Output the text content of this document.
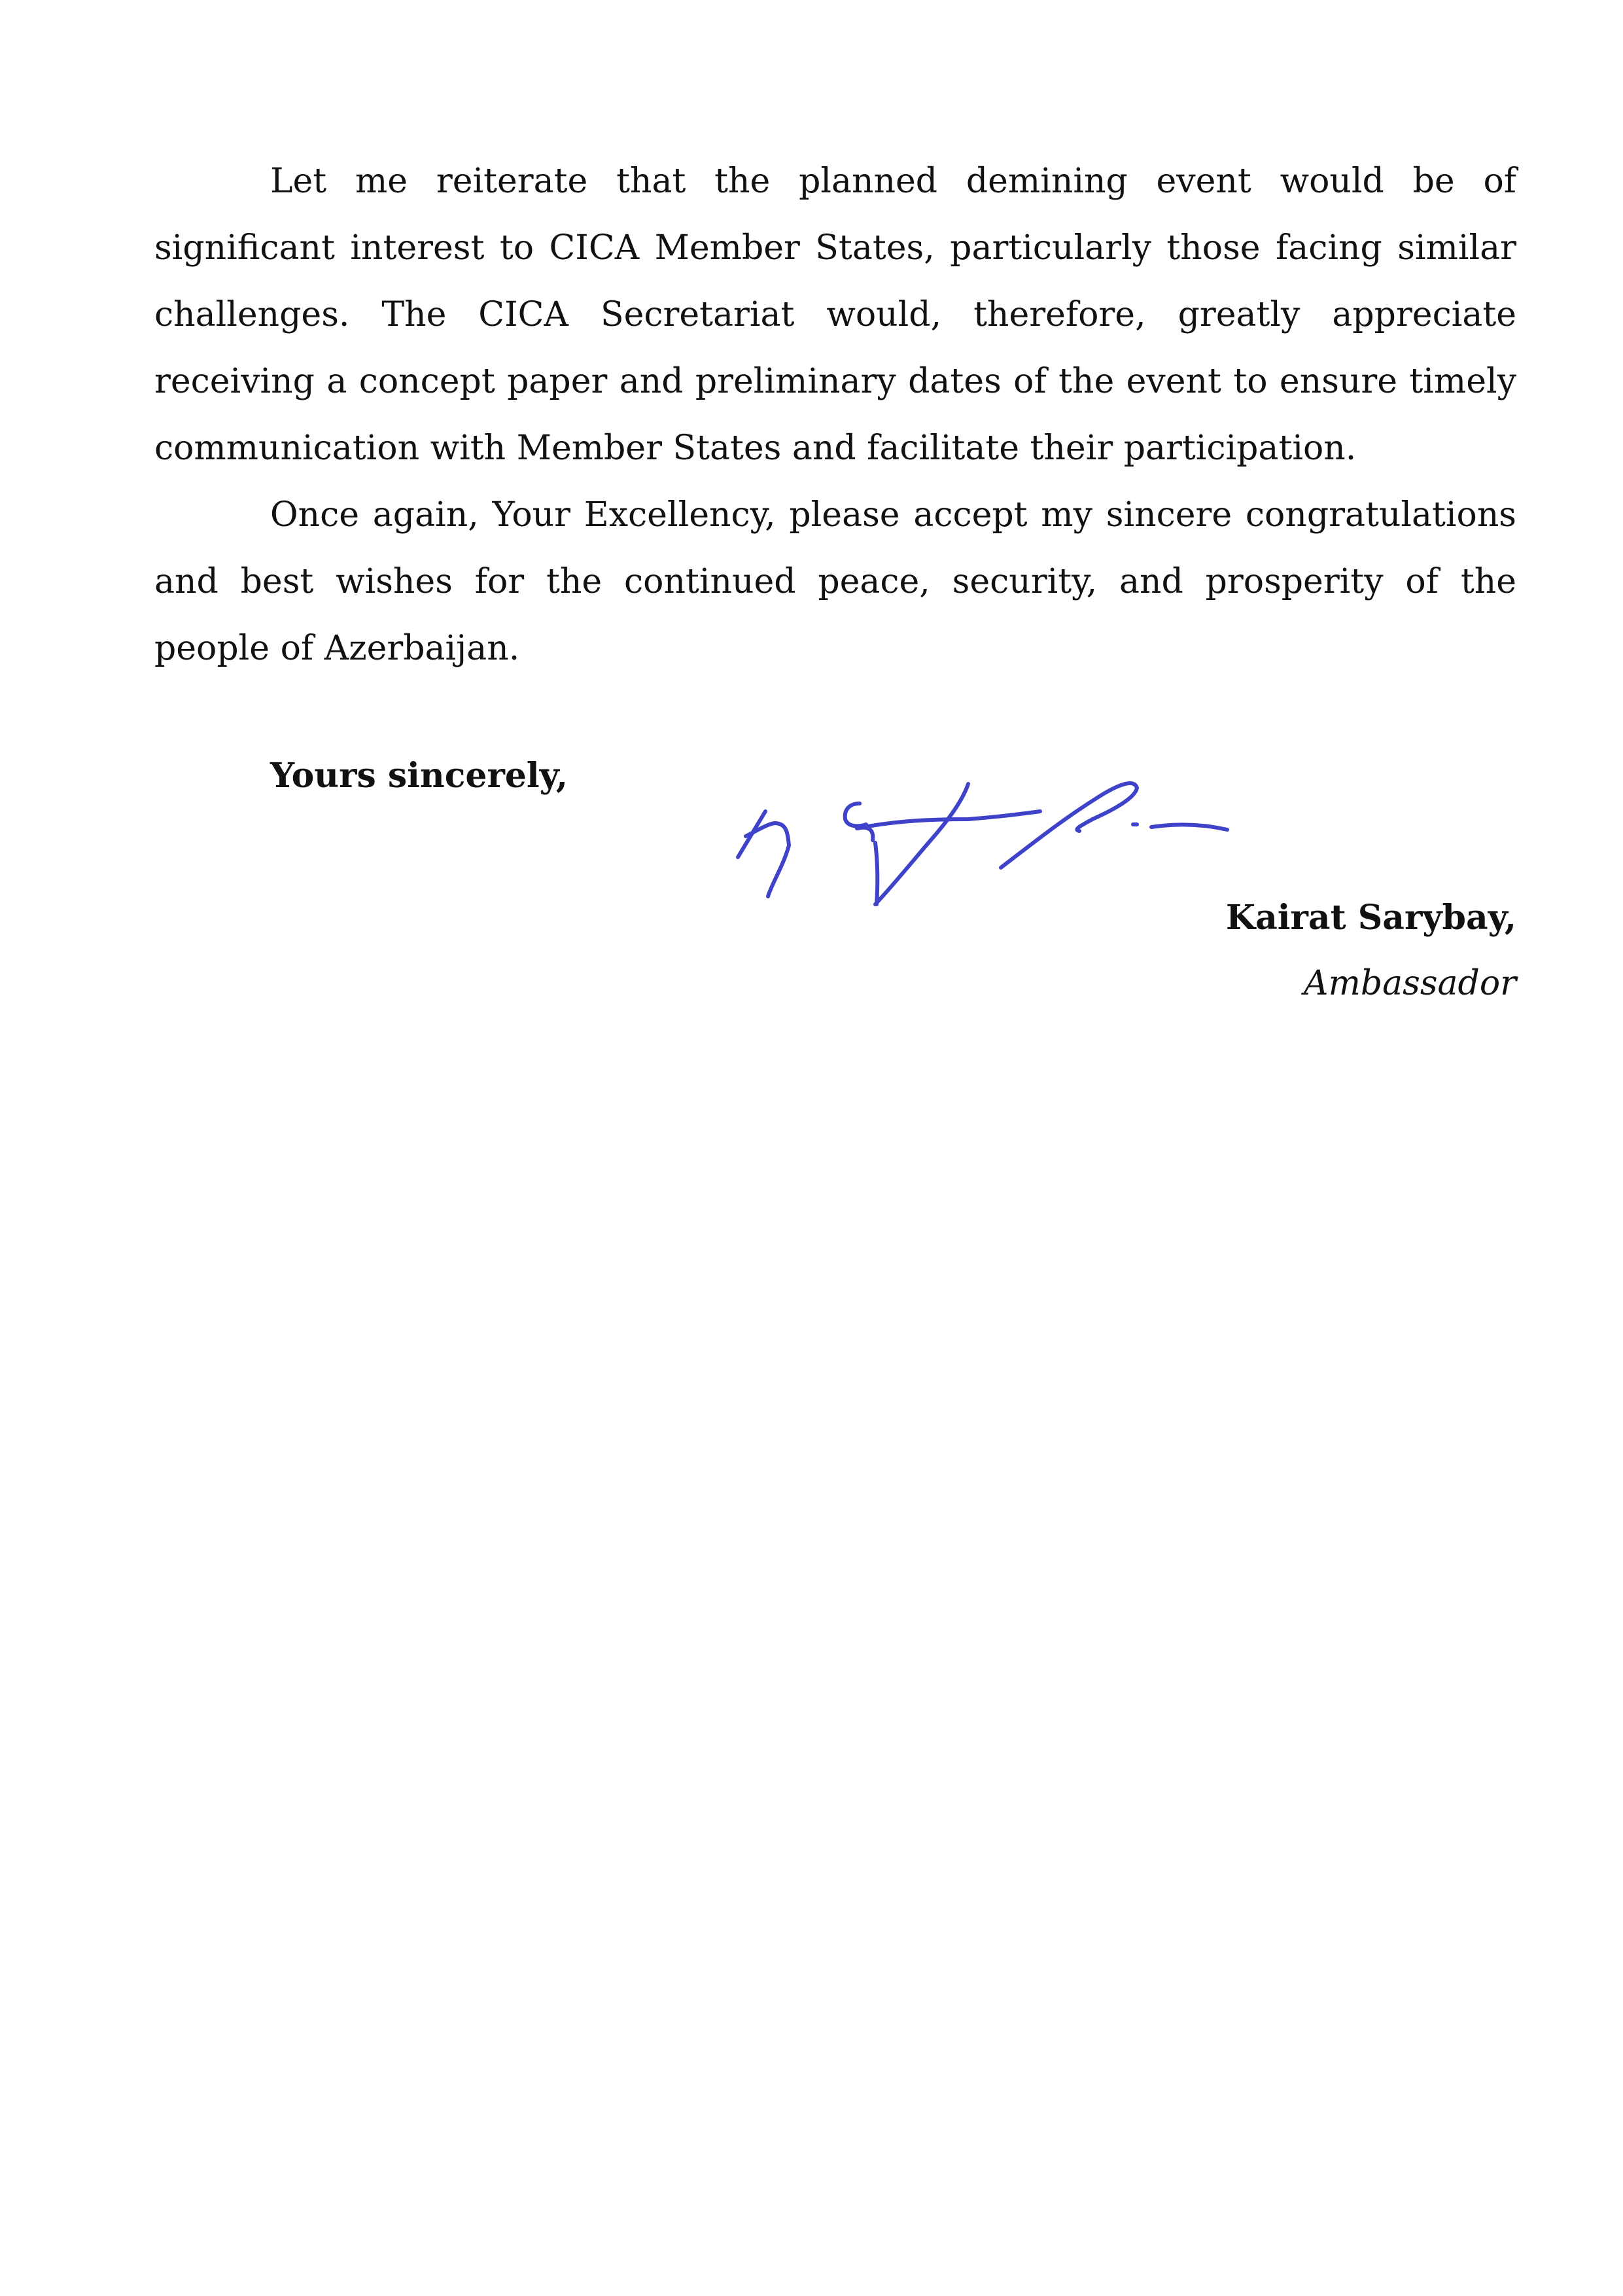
Let me reiterate that the planned demining event would be of significant interest to CICA Member States, particularly those facing similar challenges. The CICA Secretariat would, therefore, greatly appreciate receiving a concept paper and preliminary dates of the event to ensure timely communication with Member States and facilitate their participation.

Once again, Your Excellency, please accept my sincere congratulations and best wishes for the continued peace, security, and prosperity of the people of Azerbaijan.

Yours sincerely,
Kairat Sarybay,
Ambassador
